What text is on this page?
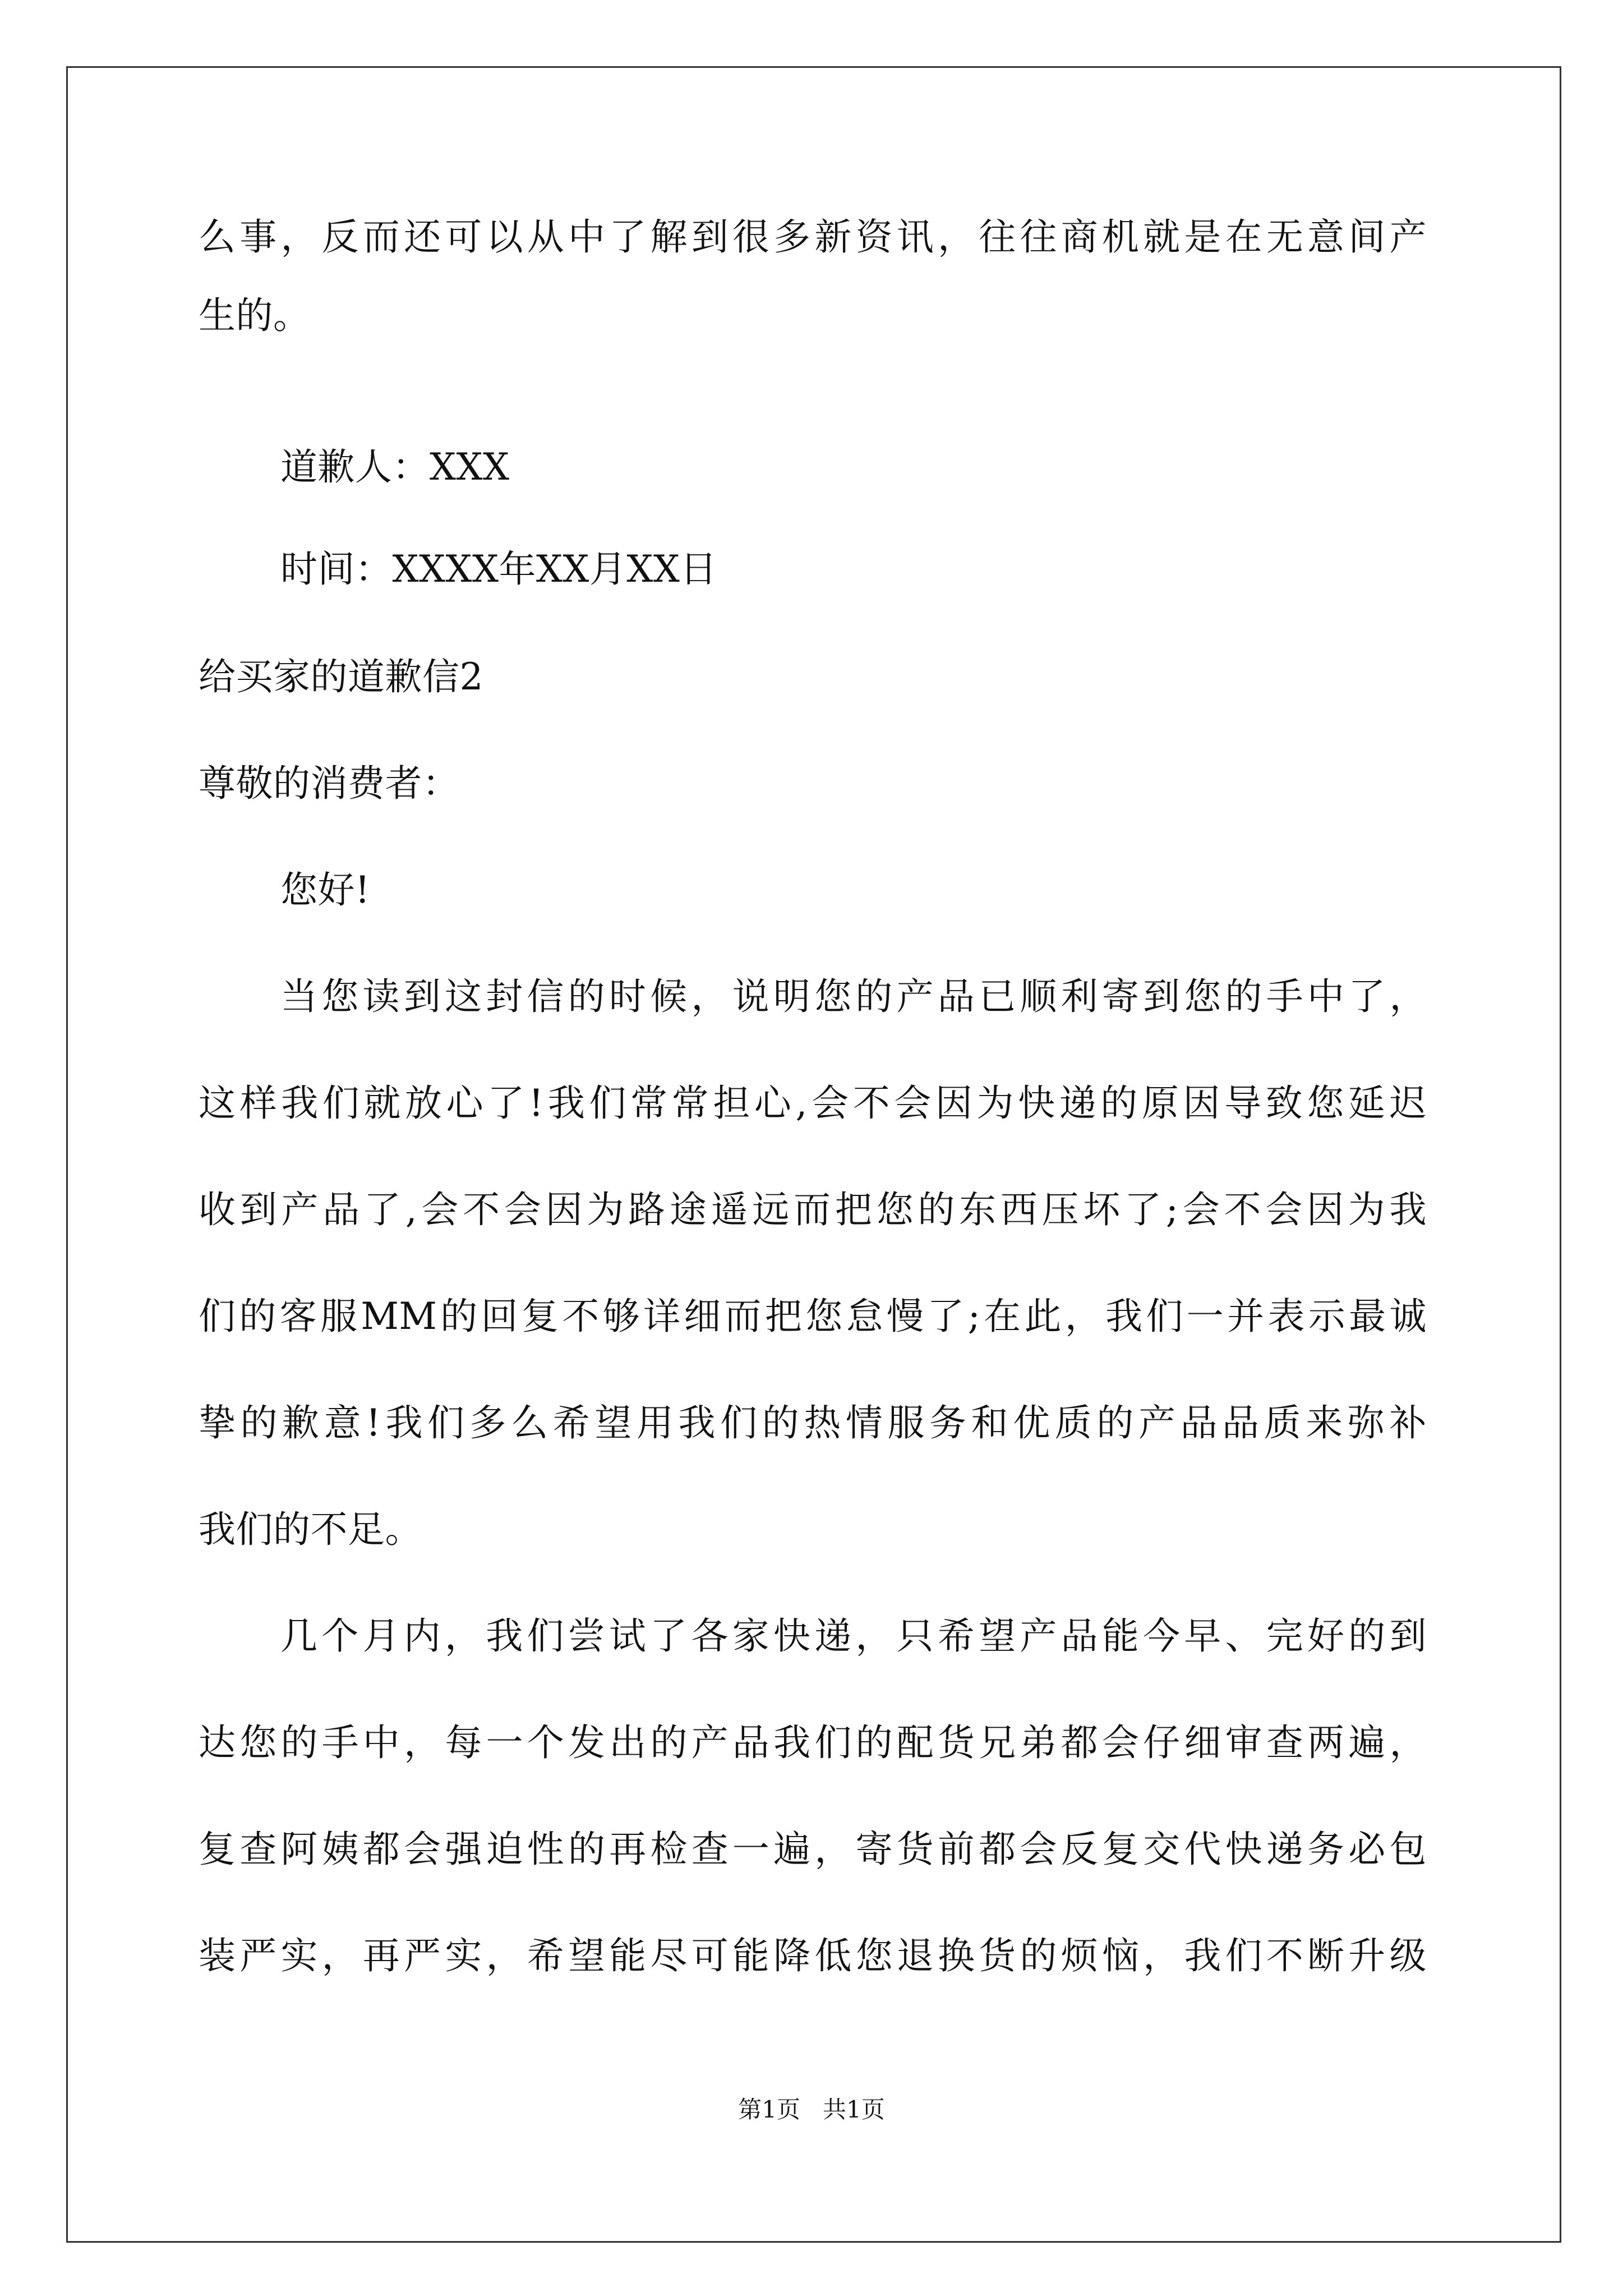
么事，反而还可以从中了解到很多新资讯，往往商机就是在无意间产
生的。
道歉人：XXX
时间：XXXX年XX月XX日
给买家的道歉信2
尊敬的消费者：
您好!
当您读到这封信的时候，说明您的产品已顺利寄到您的手中了，
这样我们就放心了!我们常常担心,会不会因为快递的原因导致您延迟
收到产品了,会不会因为路途遥远而把您的东西压坏了;会不会因为我
们的客服MM的回复不够详细而把您怠慢了;在此，我们一并表示最诚
挚的歉意!我们多么希望用我们的热情服务和优质的产品品质来弥补
我们的不足。
几个月内，我们尝试了各家快递，只希望产品能今早、完好的到
达您的手中，每一个发出的产品我们的配货兄弟都会仔细审查两遍，
复查阿姨都会强迫性的再检查一遍，寄货前都会反复交代快递务必包
装严实，再严实，希望能尽可能降低您退换货的烦恼，我们不断升级
第1页   共1页
